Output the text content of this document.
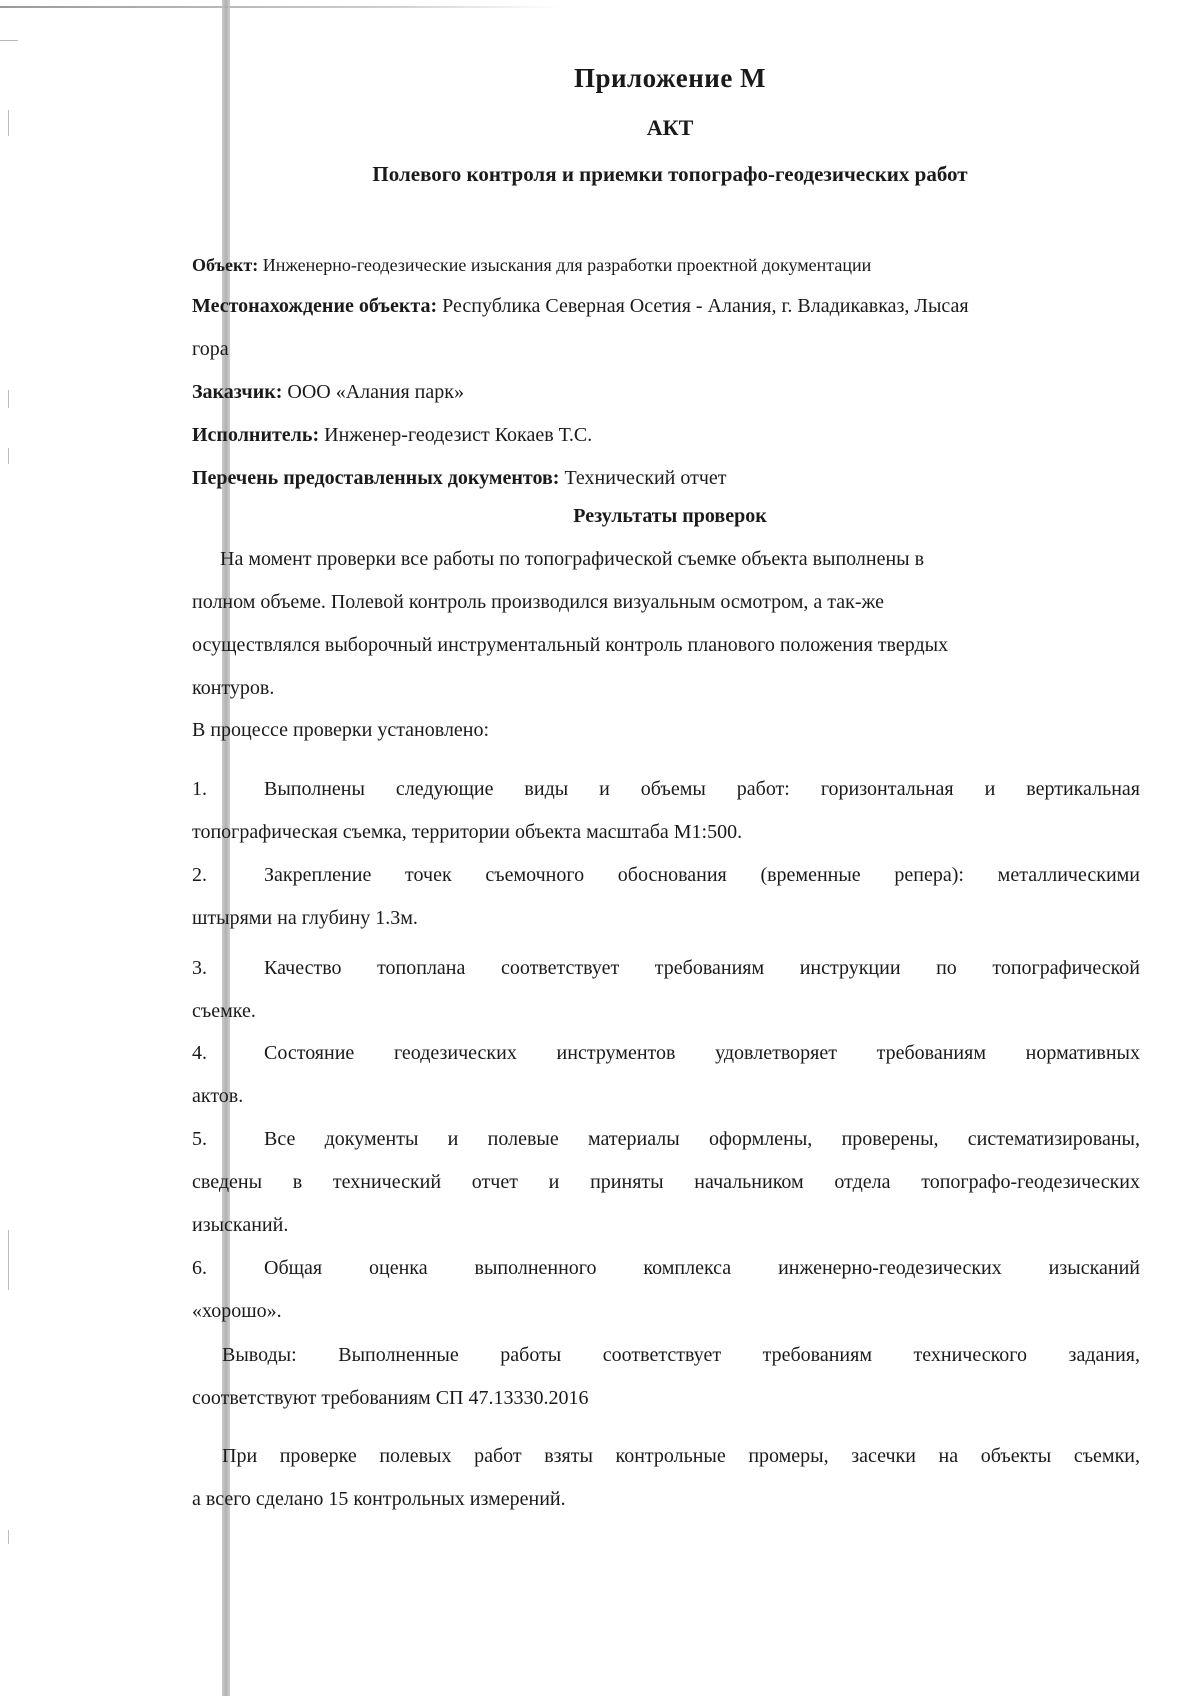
Приложение М
АКТ
Полевого контроля и приемки топографо-геодезических работ
Объект: Инженерно-геодезические изыскания для разработки проектной документации
Местонахождение объекта: Республика Северная Осетия - Алания, г. Владикавказ, Лысая
гора
Заказчик: ООО «Алания парк»
Исполнитель: Инженер-геодезист Кокаев Т.С.
Перечень предоставленных документов: Технический отчет
Результаты проверок
На момент проверки все работы по топографической съемке объекта выполнены в
полном объеме. Полевой контроль производился визуальным осмотром, а так-же
осуществлялся выборочный инструментальный контроль планового положения твердых
контуров.
В процессе проверки установлено:
1.	Выполнены следующие виды и объемы работ: горизонтальная и вертикальная
топографическая съемка, территории объекта масштаба М1:500.
2.	Закрепление точек съемочного обоснования (временные репера): металлическими
штырями на глубину 1.3м.
3.	Качество топоплана соответствует требованиям инструкции по топографической
съемке.
4.	Состояние геодезических инструментов удовлетворяет требованиям нормативных
актов.
5.	Все документы и полевые материалы оформлены, проверены, систематизированы,
сведены в технический отчет и приняты начальником отдела топографо-геодезических
изысканий.
6.	Общая оценка выполненного комплекса инженерно-геодезических изысканий
«хорошо».
Выводы: Выполненные работы соответствует требованиям технического задания,
соответствуют требованиям СП 47.13330.2016
При проверке полевых работ взяты контрольные промеры, засечки на объекты съемки,
а всего сделано 15 контрольных измерений.
